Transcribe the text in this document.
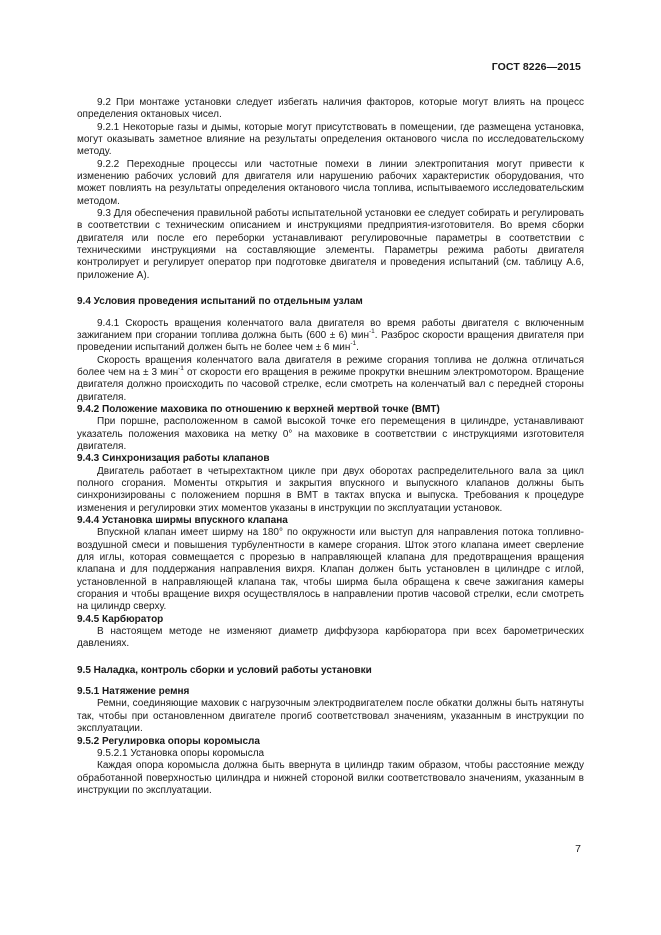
ГОСТ 8226—2015

9.2 При монтаже установки следует избегать наличия факторов, которые могут влиять на процесс определения октановых чисел.

9.2.1 Некоторые газы и дымы, которые могут присутствовать в помещении, где размещена установка, могут оказывать заметное влияние на результаты определения октанового числа по исследовательскому методу.

9.2.2 Переходные процессы или частотные помехи в линии электропитания могут привести к изменению рабочих условий для двигателя или нарушению рабочих характеристик оборудования, что может повлиять на результаты определения октанового числа топлива, испытываемого исследовательским методом.

9.3 Для обеспечения правильной работы испытательной установки ее следует собирать и регулировать в соответствии с техническим описанием и инструкциями предприятия-изготовителя. Во время сборки двигателя или после его переборки устанавливают регулировочные параметры в соответствии с техническими инструкциями на составляющие элементы. Параметры режима работы двигателя контролирует и регулирует оператор при подготовке двигателя и проведения испытаний (см. таблицу А.6, приложение А).

9.4 Условия проведения испытаний по отдельным узлам

9.4.1 Скорость вращения коленчатого вала двигателя во время работы двигателя с включенным зажиганием при сгорании топлива должна быть (600 ± 6) мин$^{-1}$. Разброс скорости вращения двигателя при проведении испытаний должен быть не более чем ± 6 мин$^{-1}$.

Скорость вращения коленчатого вала двигателя в режиме сгорания топлива не должна отличаться более чем на ± 3 мин$^{-1}$ от скорости его вращения в режиме прокрутки внешним электромотором. Вращение двигателя должно происходить по часовой стрелке, если смотреть на коленчатый вал с передней стороны двигателя.

9.4.2 Положение маховика по отношению к верхней мертвой точке (ВМТ)

При поршне, расположенном в самой высокой точке его перемещения в цилиндре, устанавливают указатель положения маховика на метку 0° на маховике в соответствии с инструкциями изготовителя двигателя.

9.4.3 Синхронизация работы клапанов

Двигатель работает в четырехтактном цикле при двух оборотах распределительного вала за цикл полного сгорания. Моменты открытия и закрытия впускного и выпускного клапанов должны быть синхронизированы с положением поршня в ВМТ в тактах впуска и выпуска. Требования к процедуре изменения и регулировки этих моментов указаны в инструкции по эксплуатации установок.

9.4.4 Установка ширмы впускного клапана

Впускной клапан имеет ширму на 180° по окружности или выступ для направления потока топливно-воздушной смеси и повышения турбулентности в камере сгорания. Шток этого клапана имеет сверление для иглы, которая совмещается с прорезью в направляющей клапана для предотвращения вращения клапана и для поддержания направления вихря. Клапан должен быть установлен в цилиндре с иглой, установленной в направляющей клапана так, чтобы ширма была обращена к свече зажигания камеры сгорания и чтобы вращение вихря осуществлялось в направлении против часовой стрелки, если смотреть на цилиндр сверху.

9.4.5 Карбюратор

В настоящем методе не изменяют диаметр диффузора карбюратора при всех барометрических давлениях.

9.5 Наладка, контроль сборки и условий работы установки

9.5.1 Натяжение ремня

Ремни, соединяющие маховик с нагрузочным электродвигателем после обкатки должны быть натянуты так, чтобы при остановленном двигателе прогиб соответствовал значениям, указанным в инструкции по эксплуатации.

9.5.2 Регулировка опоры коромысла

9.5.2.1 Установка опоры коромысла

Каждая опора коромысла должна быть ввернута в цилиндр таким образом, чтобы расстояние между обработанной поверхностью цилиндра и нижней стороной вилки соответствовало значениям, указанным в инструкции по эксплуатации.

7
